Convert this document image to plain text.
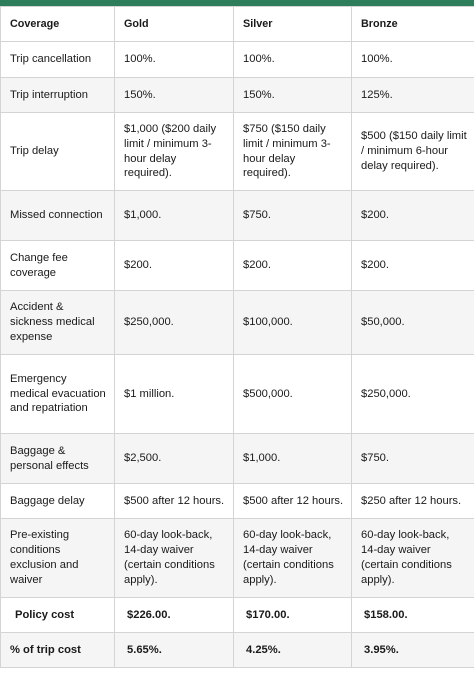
Coverage	Gold	Silver	Bronze
Trip cancellation	100%.	100%.	100%.
Trip interruption	150%.	150%.	125%.
Trip delay	$1,000 ($200 daily limit / minimum 3-hour delay required).	$750 ($150 daily limit / minimum 3-hour delay required).	$500 ($150 daily limit / minimum 6-hour delay required).
Missed connection	$1,000.	$750.	$200.
Change fee coverage	$200.	$200.	$200.
Accident & sickness medical expense	$250,000.	$100,000.	$50,000.
Emergency medical evacuation and repatriation	$1 million.	$500,000.	$250,000.
Baggage & personal effects	$2,500.	$1,000.	$750.
Baggage delay	$500 after 12 hours.	$500 after 12 hours.	$250 after 12 hours.
Pre-existing conditions exclusion and waiver	60-day look-back, 14-day waiver (certain conditions apply).	60-day look-back, 14-day waiver (certain conditions apply).	60-day look-back, 14-day waiver (certain conditions apply).
Policy cost	$226.00.	$170.00.	$158.00.
% of trip cost	5.65%.	4.25%.	3.95%.
